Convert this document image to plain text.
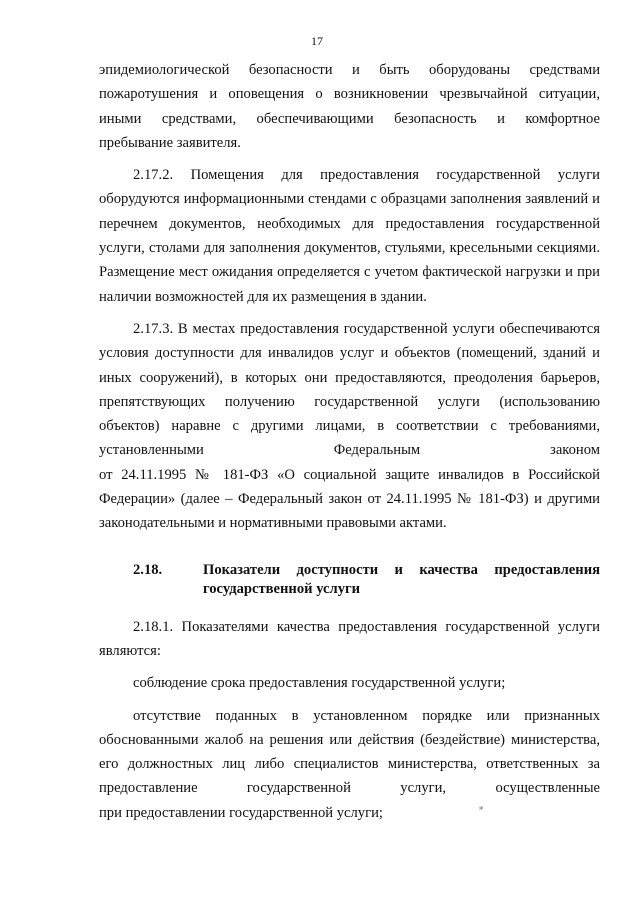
17

эпидемиологической безопасности и быть оборудованы средствами

пожаротушения и оповещения о возникновении чрезвычайной ситуации,

иными средствами, обеспечивающими безопасность и комфортное

пребывание заявителя.

2.17.2. Помещения для предоставления государственной услуги оборудуются информационными стендами с образцами заполнения заявлений и перечнем документов, необходимых для предоставления государственной услуги, столами для заполнения документов, стульями, кресельными секциями. Размещение мест ожидания определяется с учетом фактической нагрузки и при наличии возможностей для их размещения в здании.

2.17.3. В местах предоставления государственной услуги обеспечиваются условия доступности для инвалидов услуг и объектов (помещений, зданий и иных сооружений), в которых они предоставляются, преодоления барьеров, препятствующих получению государственной услуги (использованию объектов) наравне с другими лицами, в соответствии с требованиями, установленными Федеральным законом

от 24.11.1995 № 181-ФЗ «О социальной защите инвалидов в Российской Федерации» (далее – Федеральный закон от 24.11.1995 № 181-ФЗ) и другими законодательными и нормативными правовыми актами.

2.18.	Показатели доступности и качества предоставления
государственной услуги

2.18.1. Показателями качества предоставления государственной услуги являются:

соблюдение срока предоставления государственной услуги;

отсутствие поданных в установленном порядке или признанных обоснованными жалоб на решения или действия (бездействие) министерства, его должностных лиц либо специалистов министерства, ответственных за предоставление государственной услуги, осуществленные

при предоставлении государственной услуги;	∗
